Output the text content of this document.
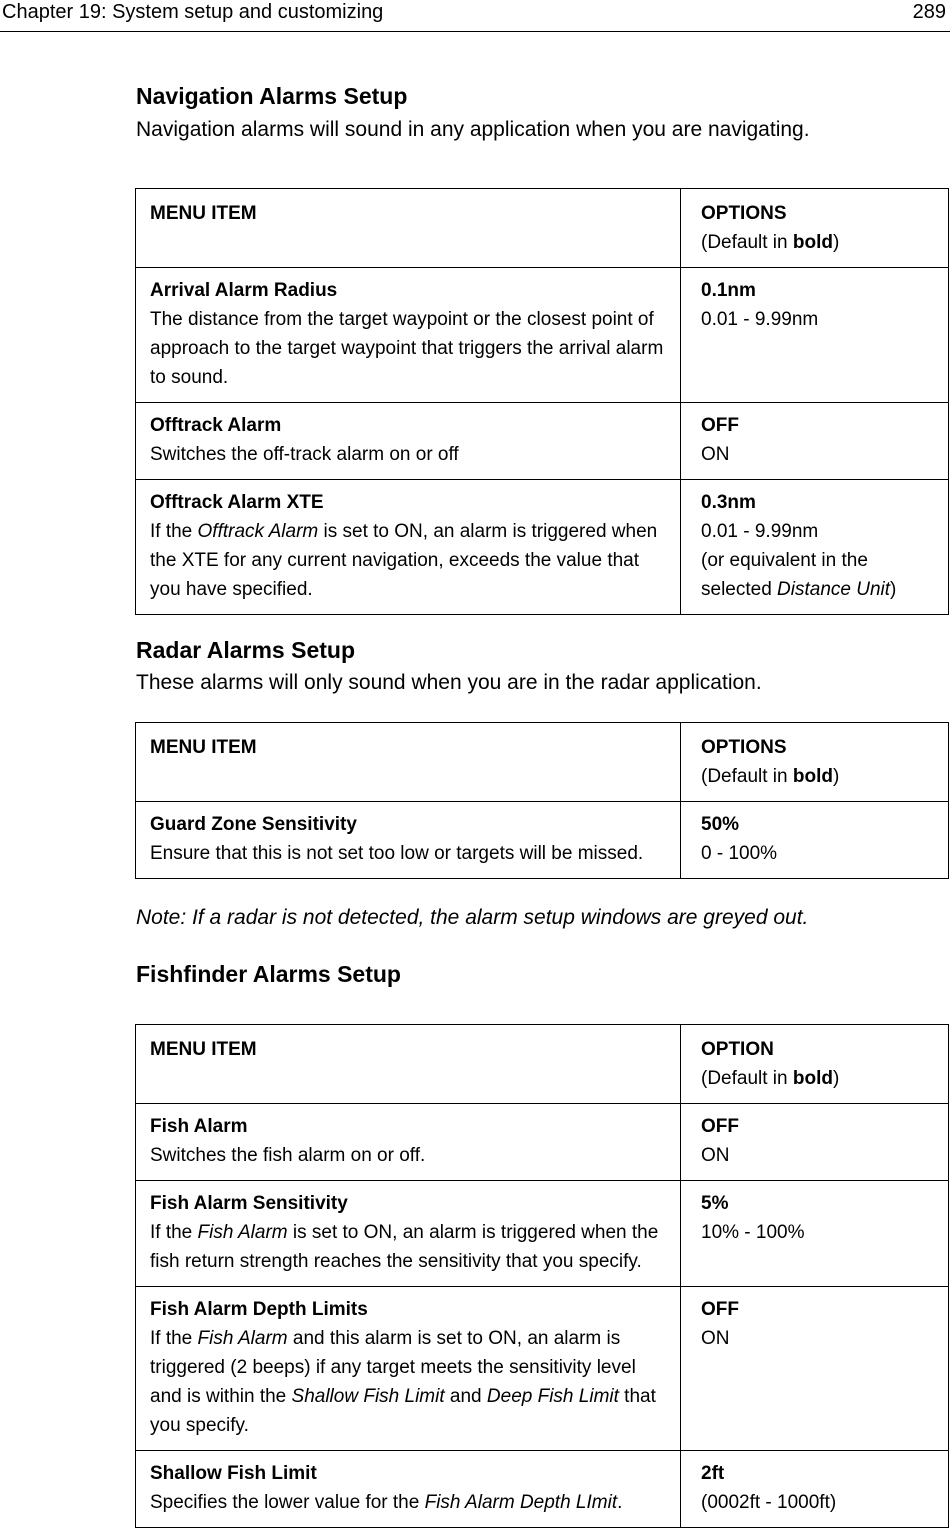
Chapter 19: System setup and customizing	289
Navigation Alarms Setup
Navigation alarms will sound in any application when you are navigating.
MENU ITEM	OPTIONS
(Default in bold)

Arrival Alarm Radius
The distance from the target waypoint or the closest point of approach to the target waypoint that triggers the arrival alarm to sound.	0.1nm
0.01 - 9.99nm

Offtrack Alarm
Switches the off-track alarm on or off	OFF
ON

Offtrack Alarm XTE
If the Offtrack Alarm is set to ON, an alarm is triggered when the XTE for any current navigation, exceeds the value that you have specified.	0.3nm
0.01 - 9.99nm
(or equivalent in the selected Distance Unit)
Radar Alarms Setup
These alarms will only sound when you are in the radar application.
MENU ITEM	OPTIONS
(Default in bold)

Guard Zone Sensitivity
Ensure that this is not set too low or targets will be missed.	50%
0 - 100%
Note: If a radar is not detected, the alarm setup windows are greyed out.
Fishfinder Alarms Setup
MENU ITEM	OPTION
(Default in bold)

Fish Alarm
Switches the fish alarm on or off.	OFF
ON

Fish Alarm Sensitivity
If the Fish Alarm is set to ON, an alarm is triggered when the fish return strength reaches the sensitivity that you specify.	5%
10% - 100%

Fish Alarm Depth Limits
If the Fish Alarm and this alarm is set to ON, an alarm is triggered (2 beeps) if any target meets the sensitivity level and is within the Shallow Fish Limit and Deep Fish Limit that you specify.	OFF
ON

Shallow Fish Limit
Specifies the lower value for the Fish Alarm Depth LImit.	2ft
(0002ft - 1000ft)
